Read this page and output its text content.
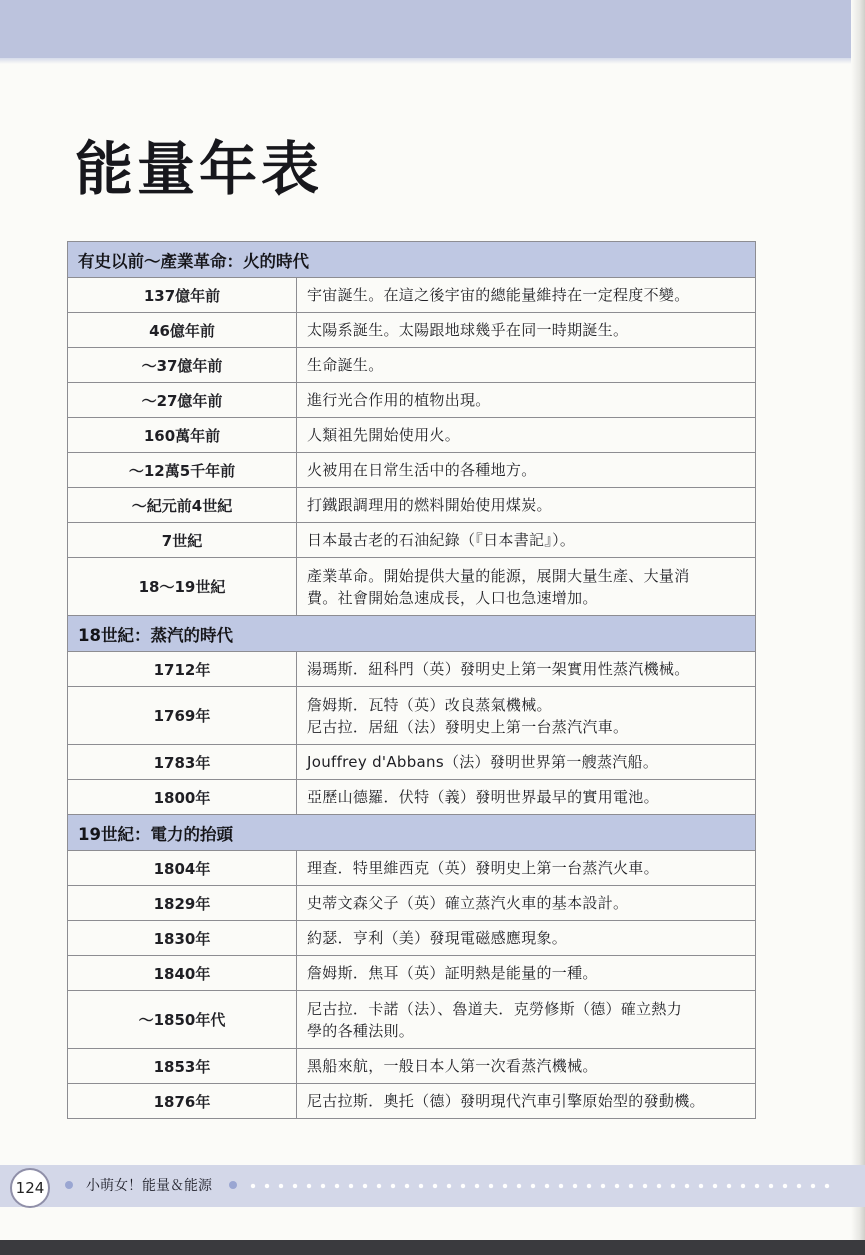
能量年表
有史以前～產業革命：火的時代	
137億年前	宇宙誕生。在這之後宇宙的總能量維持在一定程度不變。

46億年前	太陽系誕生。太陽跟地球幾乎在同一時期誕生。

～37億年前	生命誕生。

～27億年前	進行光合作用的植物出現。

160萬年前	人類祖先開始使用火。

～12萬5千年前	火被用在日常生活中的各種地方。

～紀元前4世紀	打鐵跟調理用的燃料開始使用煤炭。

7世紀	日本最古老的石油紀錄（『日本書記』）。

18～19世紀	產業革命。開始提供大量的能源，展開大量生產、大量消
費。社會開始急速成長，人口也急速增加。

18世紀：蒸汽的時代	
1712年	湯瑪斯．紐科門（英）發明史上第一架實用性蒸汽機械。

1769年	詹姆斯．瓦特（英）改良蒸氣機械。
尼古拉．居紐（法）發明史上第一台蒸汽汽車。

1783年	Jouffrey d'Abbans（法）發明世界第一艘蒸汽船。

1800年	亞歷山德羅．伏特（義）發明世界最早的實用電池。

19世紀：電力的抬頭	
1804年	理查．特里維西克（英）發明史上第一台蒸汽火車。

1829年	史蒂文森父子（英）確立蒸汽火車的基本設計。

1830年	約瑟．亨利（美）發現電磁感應現象。

1840年	詹姆斯．焦耳（英）証明熱是能量的一種。

～1850年代	尼古拉．卡諾（法）、魯道夫．克勞修斯（德）確立熱力
學的各種法則。

1853年	黑船來航，一般日本人第一次看蒸汽機械。

1876年	尼古拉斯．奧托（德）發明現代汽車引擎原始型的發動機。
124	小萌女！能量＆能源
